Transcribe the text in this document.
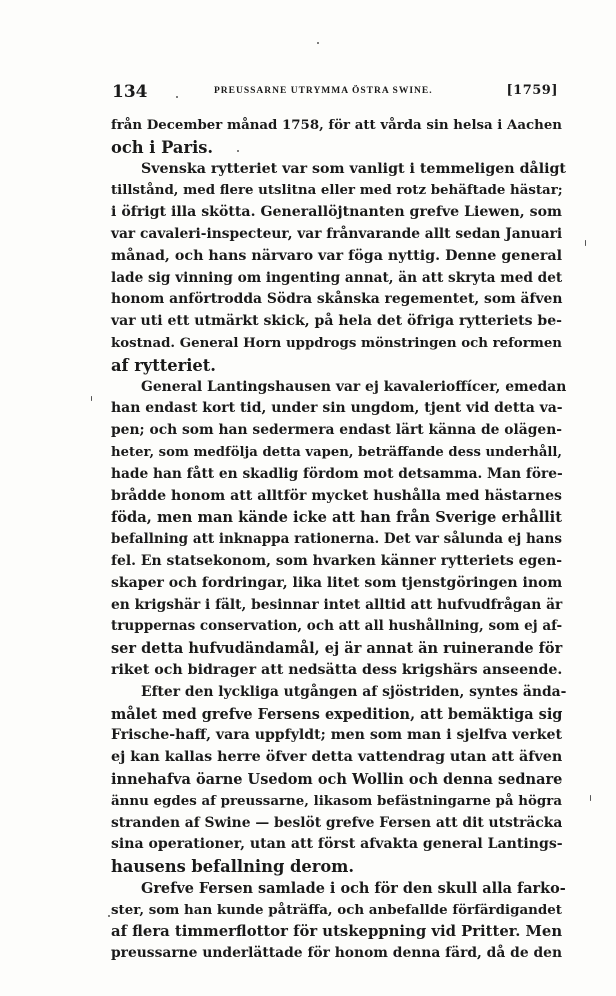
134	PREUSSARNE UTRYMMA ÖSTRA SWINE.	[1759]
från December månad 1758, för att vårda sin helsa i Aachen
och i Paris.
Svenska rytteriet var som vanligt i temmeligen dåligt
tillstånd, med flere utslitna eller med rotz behäftade hästar;
i öfrigt illa skötta. Generallöjtnanten grefve Liewen, som
var cavaleri-inspecteur, var frånvarande allt sedan Januari
månad, och hans närvaro var föga nyttig. Denne general
lade sig vinning om ingenting annat, än att skryta med det
honom anförtrodda Södra skånska regementet, som äfven
var uti ett utmärkt skick, på hela det öfriga rytteriets be-
kostnad. General Horn uppdrogs mönstringen och reformen
af rytteriet.
General Lantingshausen var ej kavalerioffícer, emedan
han endast kort tid, under sin ungdom, tjent vid detta va-
pen; och som han sedermera endast lärt känna de olägen-
heter, som medfölja detta vapen, beträffande dess underhåll,
hade han fått en skadlig fördom mot detsamma. Man före-
brådde honom att alltför mycket hushålla med hästarnes
föda, men man kände icke att han från Sverige erhållit
befallning att inknappa rationerna. Det var sålunda ej hans
fel. En statsekonom, som hvarken känner rytteriets egen-
skaper och fordringar, lika litet som tjenstgöringen inom
en krigshär i fält, besinnar intet alltid att hufvudfrågan är
truppernas conservation, och att all hushållning, som ej af-
ser detta hufvudändamål, ej är annat än ruinerande för
riket och bidrager att nedsätta dess krigshärs anseende.
Efter den lyckliga utgången af sjöstriden, syntes ända-
målet med grefve Fersens expedition, att bemäktiga sig
Frische-haff, vara uppfyldt; men som man i sjelfva verket
ej kan kallas herre öfver detta vattendrag utan att äfven
innehafva öarne Usedom och Wollin och denna sednare
ännu egdes af preussarne, likasom befästningarne på högra
stranden af Swine — beslöt grefve Fersen att dit utsträcka
sina operationer, utan att först afvakta general Lantings-
hausens befallning derom.
Grefve Fersen samlade i och för den skull alla farko-
ster, som han kunde påträffa, och anbefallde förfärdigandet
af flera timmerflottor för utskeppning vid Pritter. Men
preussarne underlättade för honom denna färd, då de den
